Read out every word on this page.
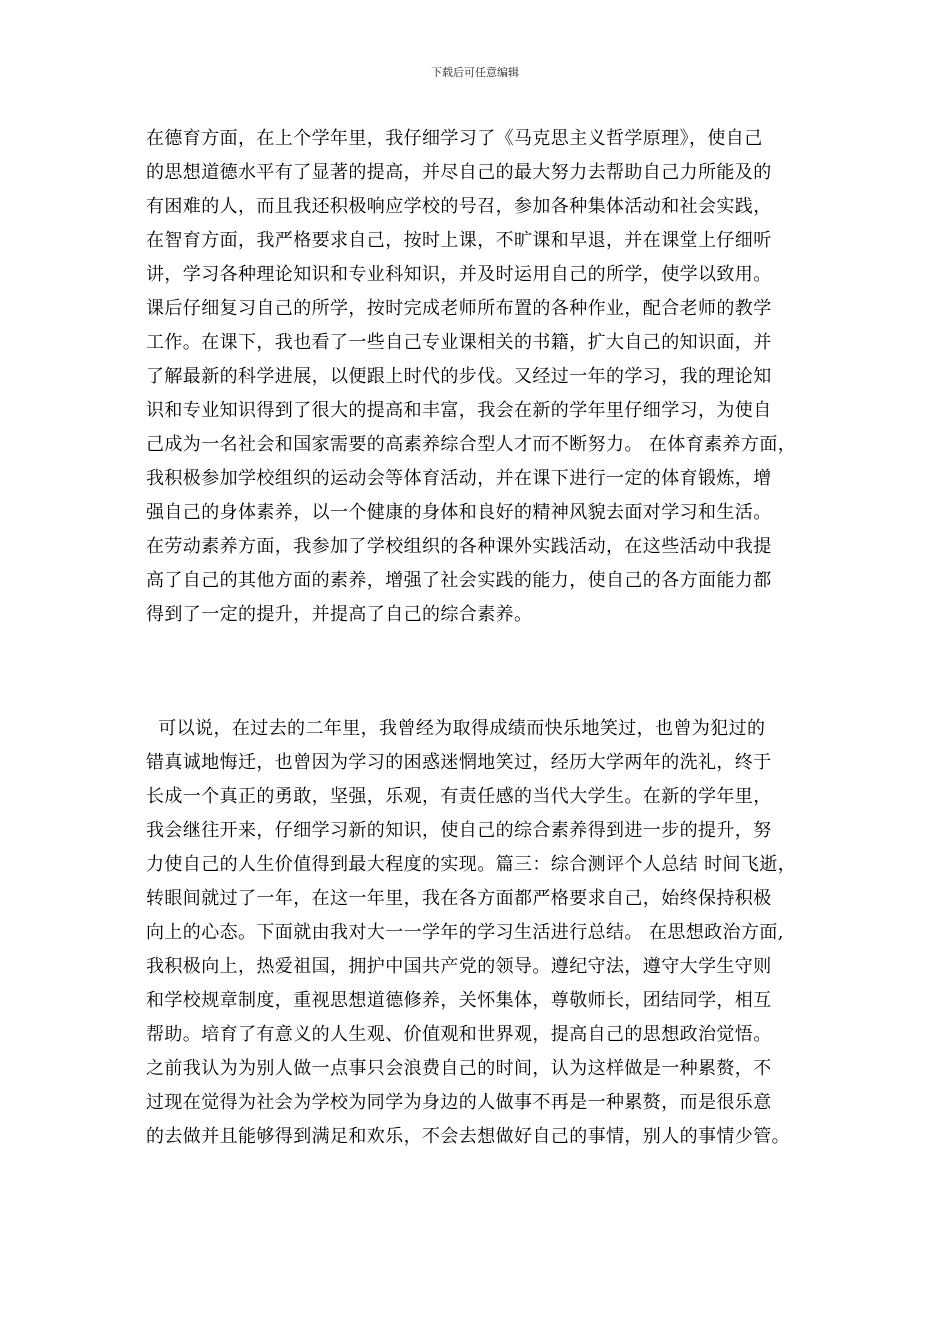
下载后可任意编辑
在德育方面，在上个学年里，我仔细学习了《马克思主义哲学原理》，使自己
的思想道德水平有了显著的提高，并尽自己的最大努力去帮助自己力所能及的
有困难的人，而且我还积极响应学校的号召，参加各种集体活动和社会实践，
在智育方面，我严格要求自己，按时上课，不旷课和早退，并在课堂上仔细听
讲，学习各种理论知识和专业科知识，并及时运用自己的所学，使学以致用。
课后仔细复习自己的所学，按时完成老师所布置的各种作业，配合老师的教学
工作。在课下，我也看了一些自己专业课相关的书籍，扩大自己的知识面，并
了解最新的科学进展，以便跟上时代的步伐。又经过一年的学习，我的理论知
识和专业知识得到了很大的提高和丰富，我会在新的学年里仔细学习，为使自
己成为一名社会和国家需要的高素养综合型人才而不断努力。 在体育素养方面，
我积极参加学校组织的运动会等体育活动，并在课下进行一定的体育锻炼，增
强自己的身体素养，以一个健康的身体和良好的精神风貌去面对学习和生活。
在劳动素养方面，我参加了学校组织的各种课外实践活动，在这些活动中我提
高了自己的其他方面的素养，增强了社会实践的能力，使自己的各方面能力都
得到了一定的提升，并提高了自己的综合素养。
可以说，在过去的二年里，我曾经为取得成绩而快乐地笑过，也曾为犯过的
错真诚地悔迁，也曾因为学习的困惑迷惘地笑过，经历大学两年的洗礼，终于
长成一个真正的勇敢，坚强，乐观，有责任感的当代大学生。在新的学年里，
我会继往开来，仔细学习新的知识，使自己的综合素养得到进一步的提升，努
力使自己的人生价值得到最大程度的实现。篇三：综合测评个人总结 时间飞逝，
转眼间就过了一年，在这一年里，我在各方面都严格要求自己，始终保持积极
向上的心态。下面就由我对大一一学年的学习生活进行总结。 在思想政治方面,
我积极向上，热爱祖国，拥护中国共产党的领导。遵纪守法，遵守大学生守则
和学校规章制度，重视思想道德修养，关怀集体，尊敬师长，团结同学，相互
帮助。培育了有意义的人生观、价值观和世界观，提高自己的思想政治觉悟。
之前我认为为别人做一点事只会浪费自己的时间，认为这样做是一种累赘，不
过现在觉得为社会为学校为同学为身边的人做事不再是一种累赘，而是很乐意
的去做并且能够得到满足和欢乐，不会去想做好自己的事情，别人的事情少管。
